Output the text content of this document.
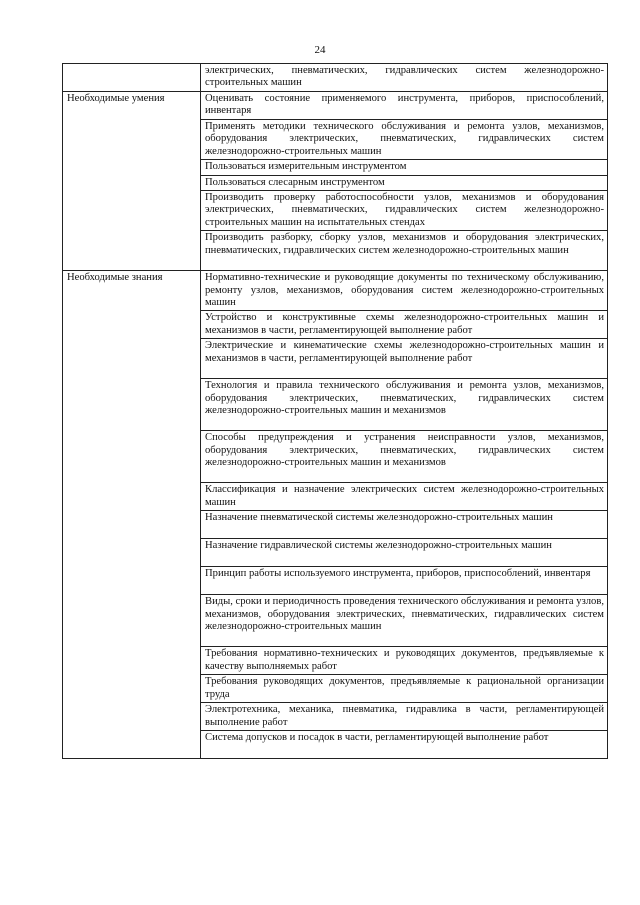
24
	электрических, пневматических, гидравлических систем железнодорожно-строительных машин
Необходимые умения	Оценивать состояние применяемого инструмента, приборов, приспособлений, инвентаря
	Применять методики технического обслуживания и ремонта узлов, механизмов, оборудования электрических, пневматических, гидравлических систем железнодорожно-строительных машин
	Пользоваться измерительным инструментом
	Пользоваться слесарным инструментом
	Производить проверку работоспособности узлов, механизмов и оборудования электрических, пневматических, гидравлических систем железнодорожно-строительных машин на испытательных стендах
	Производить разборку, сборку узлов, механизмов и оборудования электрических, пневматических, гидравлических систем железнодорожно-строительных машин
Необходимые знания	Нормативно-технические и руководящие документы по техническому обслуживанию, ремонту узлов, механизмов, оборудования систем железнодорожно-строительных машин
	Устройство и конструктивные схемы железнодорожно-строительных машин и механизмов в части, регламентирующей выполнение работ
	Электрические и кинематические схемы железнодорожно-строительных машин и механизмов в части, регламентирующей выполнение работ
	Технология и правила технического обслуживания и ремонта узлов, механизмов, оборудования электрических, пневматических, гидравлических систем железнодорожно-строительных машин и механизмов
	Способы предупреждения и устранения неисправности узлов, механизмов, оборудования электрических, пневматических, гидравлических систем железнодорожно-строительных машин и механизмов
	Классификация и назначение электрических систем железнодорожно-строительных машин
	Назначение пневматической системы железнодорожно-строительных машин
	Назначение гидравлической системы железнодорожно-строительных машин
	Принцип работы используемого инструмента, приборов, приспособлений, инвентаря
	Виды, сроки и периодичность проведения технического обслуживания и ремонта узлов, механизмов, оборудования электрических, пневматических, гидравлических систем железнодорожно-строительных машин
	Требования нормативно-технических и руководящих документов, предъявляемые к качеству выполняемых работ
	Требования руководящих документов, предъявляемые к рациональной организации труда
	Электротехника, механика, пневматика, гидравлика в части, регламентирующей выполнение работ
	Система допусков и посадок в части, регламентирующей выполнение работ
